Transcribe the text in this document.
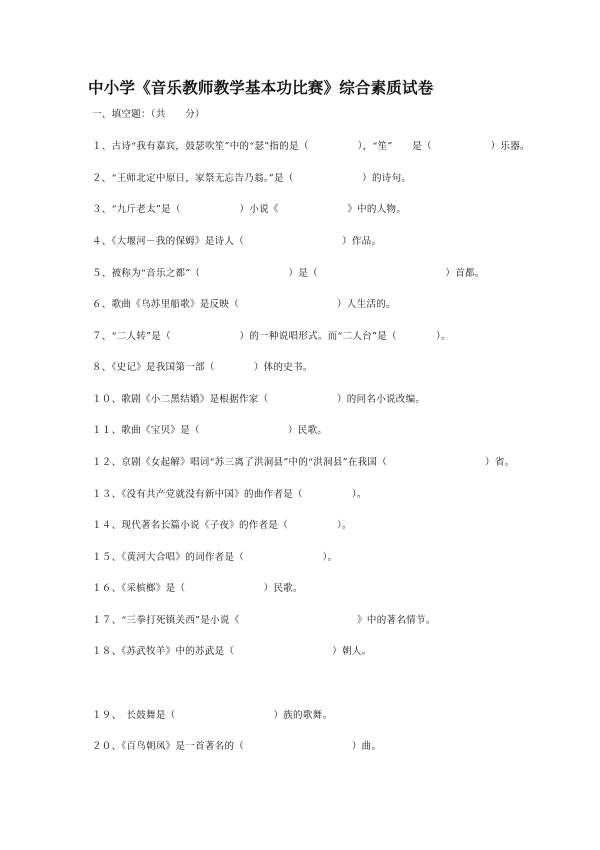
中小学《音乐教师教学基本功比赛》综合素质试卷
一、填空题：（共　　分）
１、古诗“我有嘉宾，鼓瑟吹笙”中的“瑟”指的是（　　　　　），“笙”　　是（　　　　　　）乐器。
２、“王师北定中原日，家祭无忘告乃翁。”是（　　　　　　　）的诗句。
３、“九斤老太”是（　　　　　　）小说《　　　　　　　》中的人物。
４、《大堰河－我的保姆》是诗人（　　　　　　　　　　）作品。
５、被称为“音乐之都”（　　　　　　　　　）是（　　　　　　　　　　　　　）首都。
６、歌曲《乌苏里船歌》是反映（　　　　　　　　　　）人生活的。
７、“二人转”是（　　　　　　　）的一种说唱形式。而“二人台”是（　　　　）。
８、《史记》是我国第一部（　　　　）体的史书。
１０、歌剧《小二黑结婚》是根据作家（　　　　　　　）的同名小说改编。
１１、歌曲《宝贝》是（　　　　　　　　　）民歌。
１２、京剧《女起解》唱词“苏三离了洪洞县”中的“洪洞县”在我国（　　　　　　　　　　）省。
１３、《没有共产党就没有新中国》的曲作者是（　　　　　）。
１４、现代著名长篇小说《子夜》的作者是（　　　　　）。
１５、《黄河大合唱》的词作者是（　　　　　　　　）。
１６、《采槟榔》是（　　　　　　　　）民歌。
１７、“三拳打死镇关西”是小说《　　　　　　　　　　　　》中的著名情节。
１８、《苏武牧羊》中的苏武是（　　　　　　　　　　）朝人。
１９、　长鼓舞是（　　　　　　　　　　）族的歌舞。
２０、《百鸟朝凤》是一首著名的（　　　　　　　　　　　）曲。
